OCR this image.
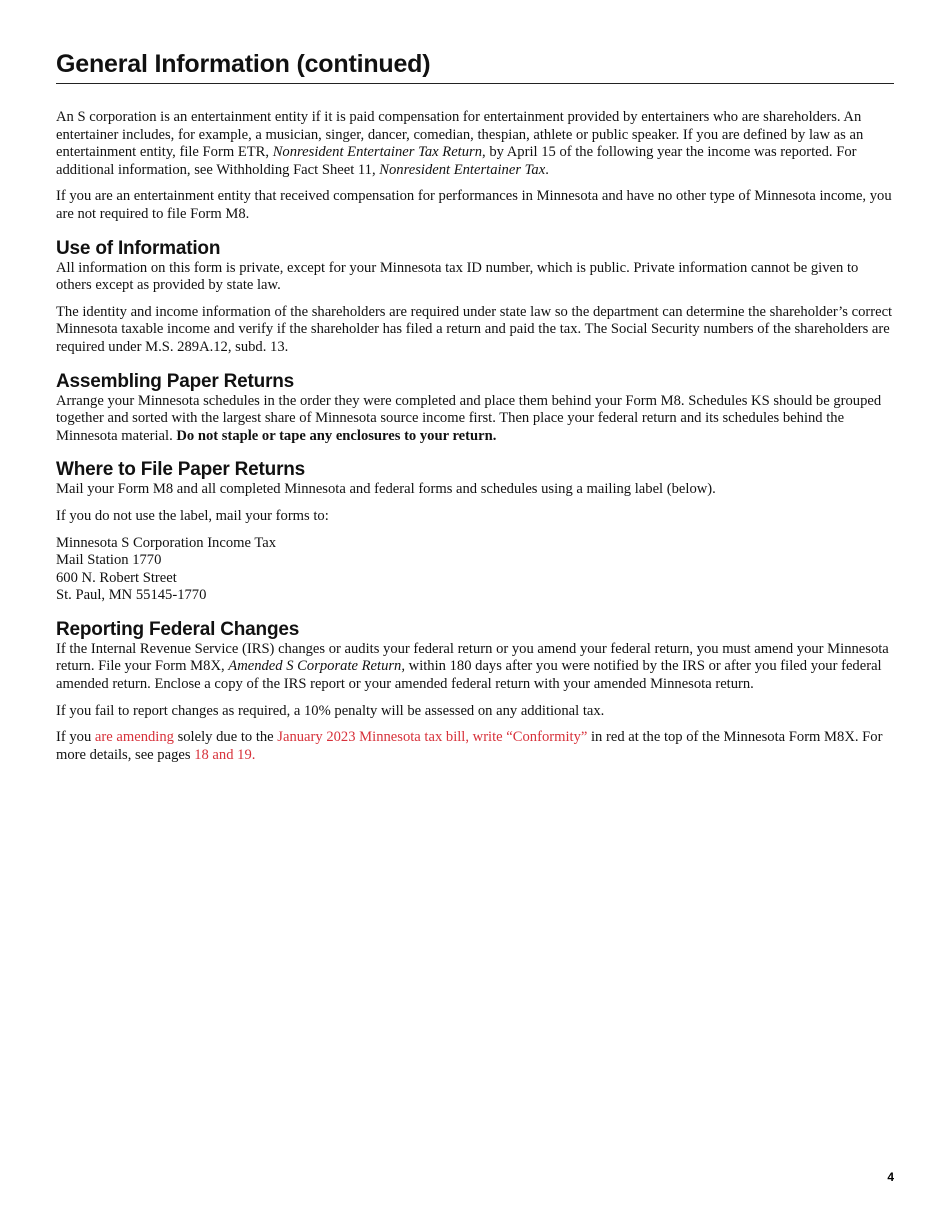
General Information (continued)

An S corporation is an entertainment entity if it is paid compensation for entertainment provided by entertainers who are shareholders. An entertainer includes, for example, a musician, singer, dancer, comedian, thespian, athlete or public speaker. If you are defined by law as an entertainment entity, file Form ETR, Nonresident Entertainer Tax Return, by April 15 of the following year the income was reported. For additional information, see Withholding Fact Sheet 11, Nonresident Entertainer Tax.

If you are an entertainment entity that received compensation for performances in Minnesota and have no other type of Minnesota income, you are not required to file Form M8.

Use of Information

All information on this form is private, except for your Minnesota tax ID number, which is public. Private information cannot be given to others except as provided by state law.

The identity and income information of the shareholders are required under state law so the department can determine the shareholder’s correct Minnesota taxable income and verify if the shareholder has filed a return and paid the tax. The Social Security numbers of the shareholders are required under M.S. 289A.12, subd. 13.

Assembling Paper Returns

Arrange your Minnesota schedules in the order they were completed and place them behind your Form M8. Schedules KS should be grouped together and sorted with the largest share of Minnesota source income first. Then place your federal return and its schedules behind the Minnesota material. Do not staple or tape any enclosures to your return.

Where to File Paper Returns

Mail your Form M8 and all completed Minnesota and federal forms and schedules using a mailing label (below).

If you do not use the label, mail your forms to:

Minnesota S Corporation Income Tax
Mail Station 1770
600 N. Robert Street
St. Paul, MN 55145-1770
Reporting Federal Changes

If the Internal Revenue Service (IRS) changes or audits your federal return or you amend your federal return, you must amend your Minnesota return. File your Form M8X, Amended S Corporate Return, within 180 days after you were notified by the IRS or after you filed your federal amended return. Enclose a copy of the IRS report or your amended federal return with your amended Minnesota return.

If you fail to report changes as required, a 10% penalty will be assessed on any additional tax.

If you are amending solely due to the January 2023 Minnesota tax bill, write “Conformity” in red at the top of the Minnesota Form M8X. For more details, see pages 18 and 19.

4
